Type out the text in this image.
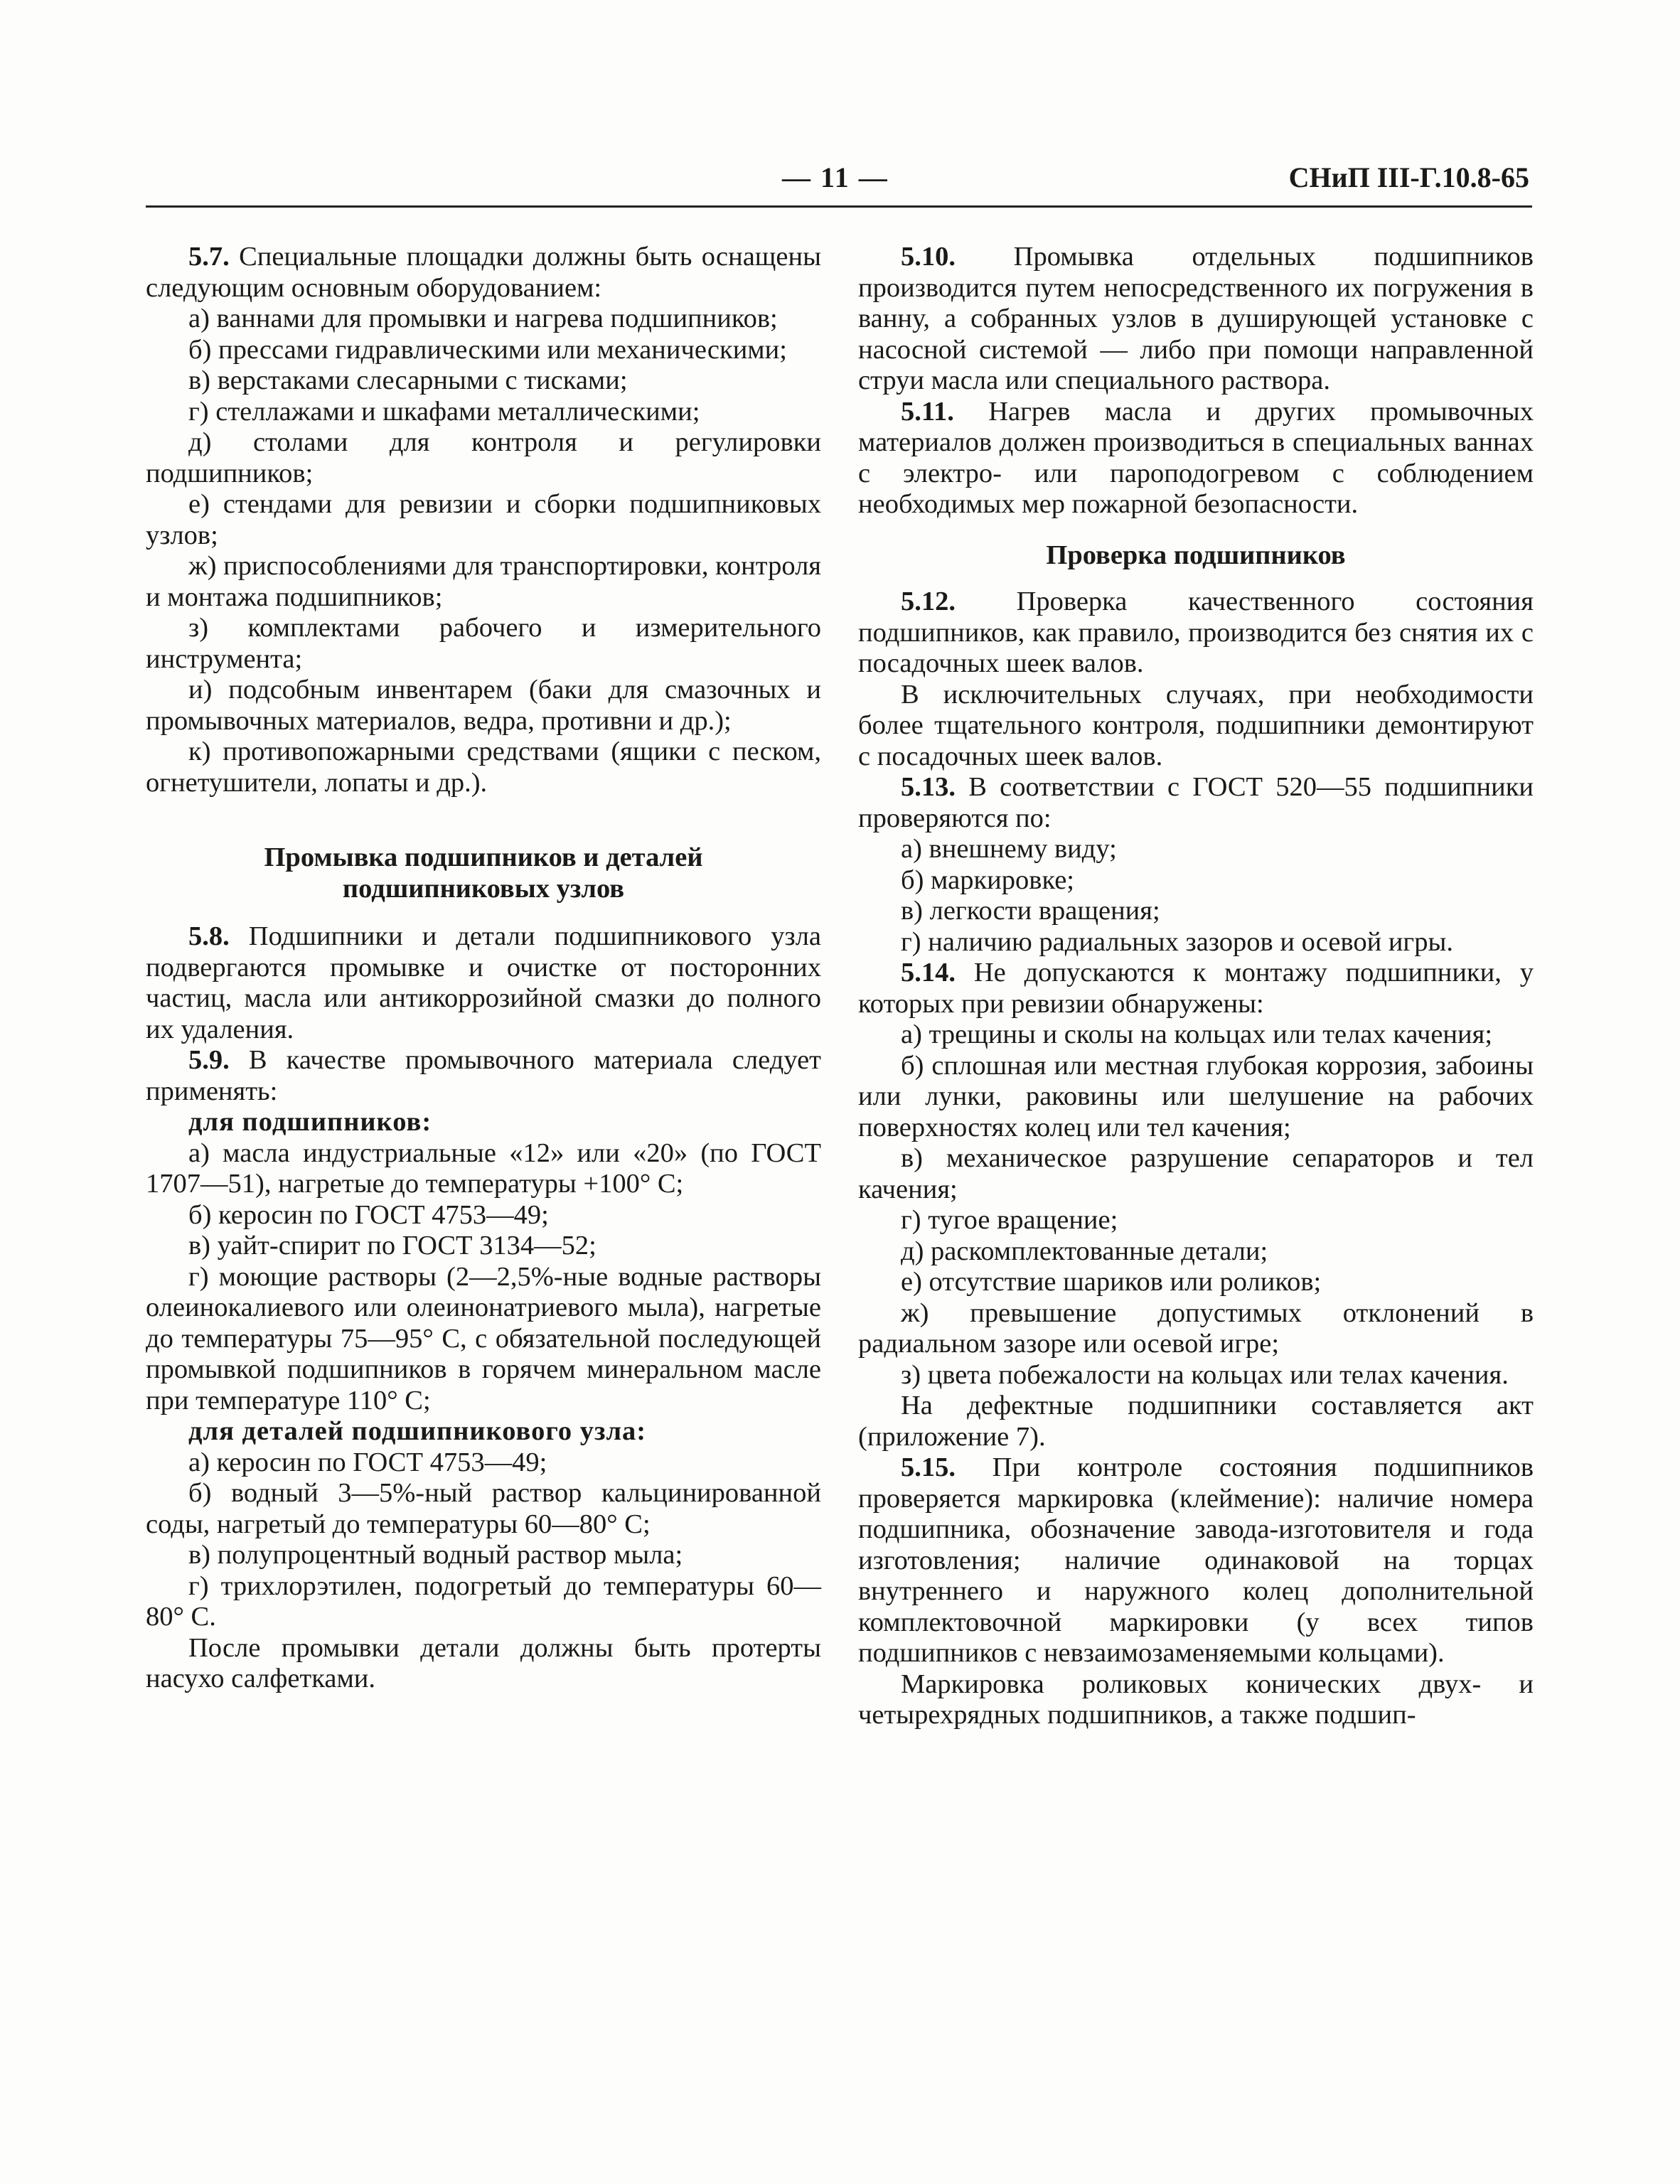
— 11 —	СНиП III-Г.10.8-65

5.7. Специальные площадки должны быть оснащены следующим основным оборудованием:

а) ваннами для промывки и нагрева подшипников;

б) прессами гидравлическими или механическими;

в) верстаками слесарными с тисками;

г) стеллажами и шкафами металлическими;

д) столами для контроля и регулировки подшипников;

е) стендами для ревизии и сборки подшипниковых узлов;

ж) приспособлениями для транспортировки, контроля и монтажа подшипников;

з) комплектами рабочего и измерительного инструмента;

и) подсобным инвентарем (баки для смазочных и промывочных материалов, ведра, противни и др.);

к) противопожарными средствами (ящики с песком, огнетушители, лопаты и др.).

Промывка подшипников и деталей подшипниковых узлов

5.8. Подшипники и детали подшипникового узла подвергаются промывке и очистке от посторонних частиц, масла или антикоррозийной смазки до полного их удаления.

5.9. В качестве промывочного материала следует применять:

для подшипников:

а) масла индустриальные «12» или «20» (по ГОСТ 1707—51), нагретые до температуры +100° С;

б) керосин по ГОСТ 4753—49;

в) уайт-спирит по ГОСТ 3134—52;

г) моющие растворы (2—2,5%-ные водные растворы олеинокалиевого или олеинонатриевого мыла), нагретые до температуры 75—95° С, с обязательной последующей промывкой подшипников в горячем минеральном масле при температуре 110° С;

для деталей подшипникового узла:

а) керосин по ГОСТ 4753—49;

б) водный 3—5%-ный раствор кальцинированной соды, нагретый до температуры 60—80° С;

в) полупроцентный водный раствор мыла;

г) трихлорэтилен, подогретый до температуры 60—80° С.

После промывки детали должны быть протерты насухо салфетками.

5.10. Промывка отдельных подшипников производится путем непосредственного их погружения в ванну, а собранных узлов в душирующей установке с насосной системой — либо при помощи направленной струи масла или специального раствора.

5.11. Нагрев масла и других промывочных материалов должен производиться в специальных ваннах с электро- или пароподогревом с соблюдением необходимых мер пожарной безопасности.

Проверка подшипников

5.12. Проверка качественного состояния подшипников, как правило, производится без снятия их с посадочных шеек валов.

В исключительных случаях, при необходимости более тщательного контроля, подшипники демонтируют с посадочных шеек валов.

5.13. В соответствии с ГОСТ 520—55 подшипники проверяются по:

а) внешнему виду;

б) маркировке;

в) легкости вращения;

г) наличию радиальных зазоров и осевой игры.

5.14. Не допускаются к монтажу подшипники, у которых при ревизии обнаружены:

а) трещины и сколы на кольцах или телах качения;

б) сплошная или местная глубокая коррозия, забоины или лунки, раковины или шелушение на рабочих поверхностях колец или тел качения;

в) механическое разрушение сепараторов и тел качения;

г) тугое вращение;

д) раскомплектованные детали;

е) отсутствие шариков или роликов;

ж) превышение допустимых отклонений в радиальном зазоре или осевой игре;

з) цвета побежалости на кольцах или телах качения.

На дефектные подшипники составляется акт (приложение 7).

5.15. При контроле состояния подшипников проверяется маркировка (клеймение): наличие номера подшипника, обозначение завода-изготовителя и года изготовления; наличие одинаковой на торцах внутреннего и наружного колец дополнительной комплектовочной маркировки (у всех типов подшипников с невзаимозаменяемыми кольцами).

Маркировка роликовых конических двух- и четырехрядных подшипников, а также подшип-
